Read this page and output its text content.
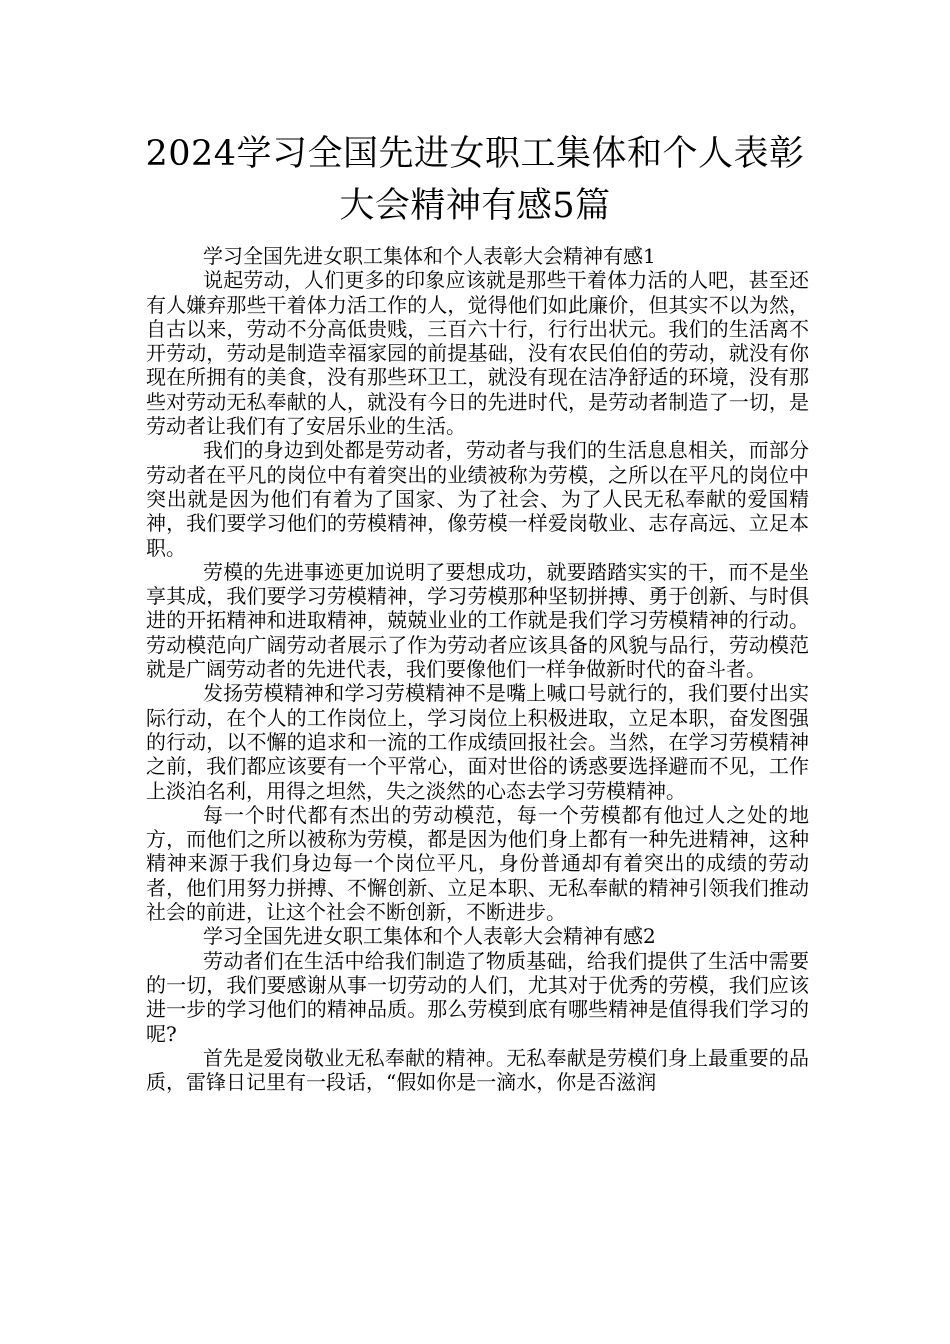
2024学习全国先进女职工集体和个人表彰
大会精神有感5篇

学习全国先进女职工集体和个人表彰大会精神有感1

说起劳动，人们更多的印象应该就是那些干着体力活的人吧，甚至还有人嫌弃那些干着体力活工作的人，觉得他们如此廉价，但其实不以为然，自古以来，劳动不分高低贵贱，三百六十行，行行出状元。我们的生活离不开劳动，劳动是制造幸福家园的前提基础，没有农民伯伯的劳动，就没有你现在所拥有的美食，没有那些环卫工，就没有现在洁净舒适的环境，没有那些对劳动无私奉献的人，就没有今日的先进时代，是劳动者制造了一切，是劳动者让我们有了安居乐业的生活。

我们的身边到处都是劳动者，劳动者与我们的生活息息相关，而部分劳动者在平凡的岗位中有着突出的业绩被称为劳模，之所以在平凡的岗位中突出就是因为他们有着为了国家、为了社会、为了人民无私奉献的爱国精神，我们要学习他们的劳模精神，像劳模一样爱岗敬业、志存高远、立足本职。

劳模的先进事迹更加说明了要想成功，就要踏踏实实的干，而不是坐享其成，我们要学习劳模精神，学习劳模那种坚韧拼搏、勇于创新、与时俱进的开拓精神和进取精神，兢兢业业的工作就是我们学习劳模精神的行动。劳动模范向广阔劳动者展示了作为劳动者应该具备的风貌与品行，劳动模范就是广阔劳动者的先进代表，我们要像他们一样争做新时代的奋斗者。

发扬劳模精神和学习劳模精神不是嘴上喊口号就行的，我们要付出实际行动，在个人的工作岗位上，学习岗位上积极进取，立足本职，奋发图强的行动，以不懈的追求和一流的工作成绩回报社会。当然，在学习劳模精神之前，我们都应该要有一个平常心，面对世俗的诱惑要选择避而不见，工作上淡泊名利，用得之坦然，失之淡然的心态去学习劳模精神。

每一个时代都有杰出的劳动模范，每一个劳模都有他过人之处的地方，而他们之所以被称为劳模，都是因为他们身上都有一种先进精神，这种精神来源于我们身边每一个岗位平凡，身份普通却有着突出的成绩的劳动者，他们用努力拼搏、不懈创新、立足本职、无私奉献的精神引领我们推动社会的前进，让这个社会不断创新，不断进步。

学习全国先进女职工集体和个人表彰大会精神有感2

劳动者们在生活中给我们制造了物质基础，给我们提供了生活中需要的一切，我们要感谢从事一切劳动的人们，尤其对于优秀的劳模，我们应该进一步的学习他们的精神品质。那么劳模到底有哪些精神是值得我们学习的呢?

首先是爱岗敬业无私奉献的精神。无私奉献是劳模们身上最重要的品质，雷锋日记里有一段话，“假如你是一滴水，你是否滋润
